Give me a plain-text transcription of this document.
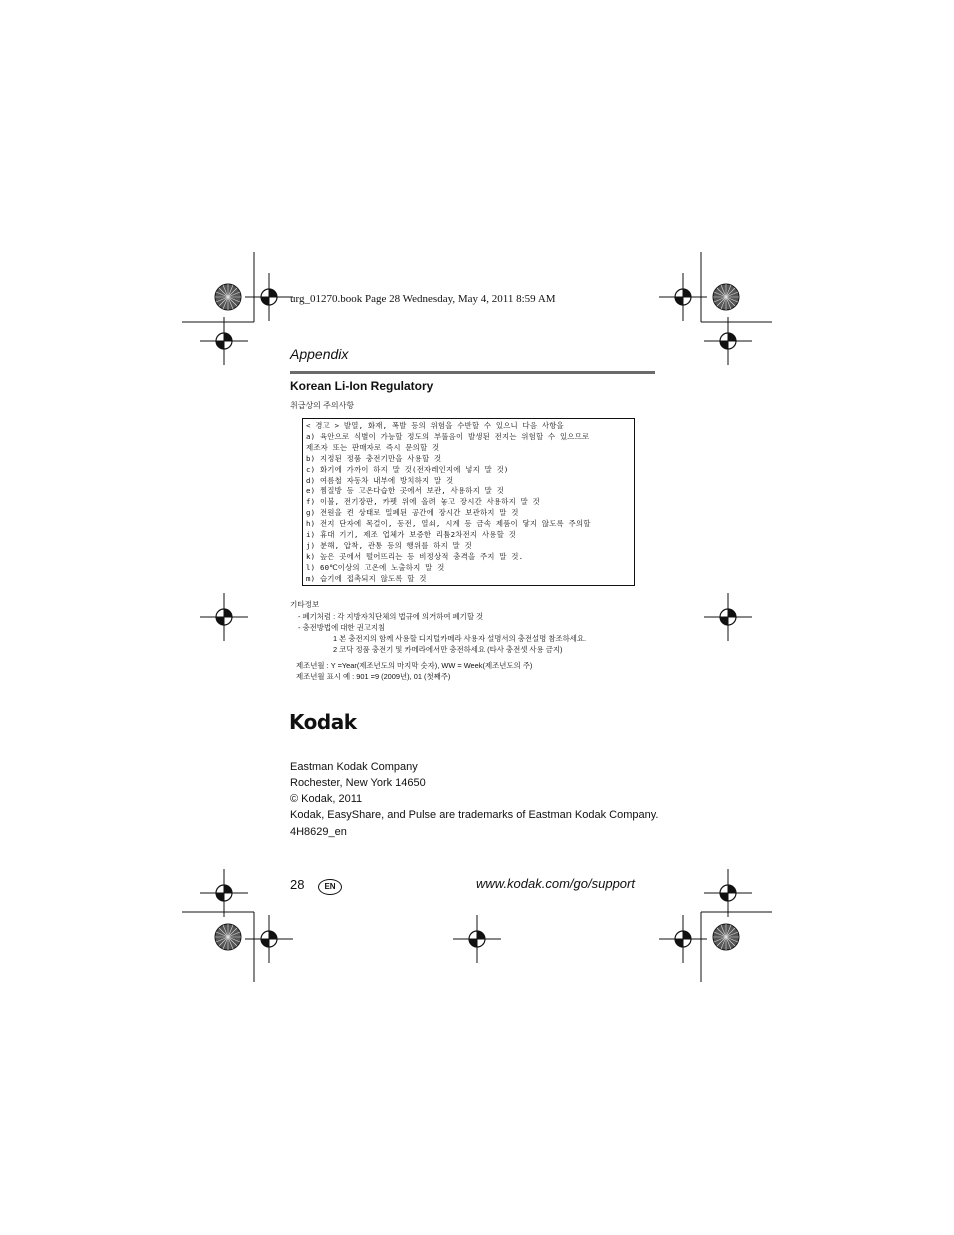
urg_01270.book Page 28 Wednesday, May 4, 2011 8:59 AM
Appendix
Korean Li-Ion Regulatory
취급상의 주의사항
< 경고 > 발열, 화재, 폭발 등의 위험을 수반할 수 있으니 다음 사항을
a) 육안으로 식별이 가능할 정도의 부풀음이 발생된 전지는 위험할 수 있으므로
제조자 또는 판매자로 즉시 문의할 것
b) 지정된 정품 충전기만을 사용할 것
c) 화기에 가까이 하지 말 것(전자레인지에 넣지 말 것)
d) 여름철 자동차 내부에 방치하지 말 것
e) 찜질방 등 고온다습한 곳에서 보관, 사용하지 말 것
f) 이불, 전기장판, 카펫 위에 올려 놓고 장시간 사용하지 말 것
g) 전원을 켠 상태로 밀폐된 공간에 장시간 보관하지 말 것
h) 전지 단자에 목걸이, 동전, 열쇠, 시계 등 금속 제품이 닿지 않도록 주의할
i) 휴대 기기, 제조 업체가 보증한 리튬2차전지 사용할 것
j) 분해, 압착, 관통 등의 행위를 하지 말 것
k) 높은 곳에서 떨어뜨리는 등 비정상적 충격을 주지 말 것.
l) 60℃이상의 고온에 노출하지 말 것
m) 습기에 접촉되지 않도록 할 것
기타정보
- 폐기처럼 : 각 지방자치단체의 법규에 의거하여 폐기할 것
- 충전방법에 대한 권고지침
1 본 충전지의 함께 사용할 디지털카메라 사용자 설명서의 충전설명 참조하세요.
2 코닥 정품 충전기 및 카메라에서만 충전하세요 (타사 충전셋 사용 금지)
제조년월 : Y =Year(제조년도의 마지막 숫자), WW = Week(제조년도의 주)
제조년월 표시 예 : 901 =9 (2009년), 01 (첫째주)
Kodak
Eastman Kodak Company
Rochester, New York 14650
© Kodak, 2011
Kodak, EasyShare, and Pulse are trademarks of Eastman Kodak Company.
4H8629_en
28	EN	www.kodak.com/go/support
